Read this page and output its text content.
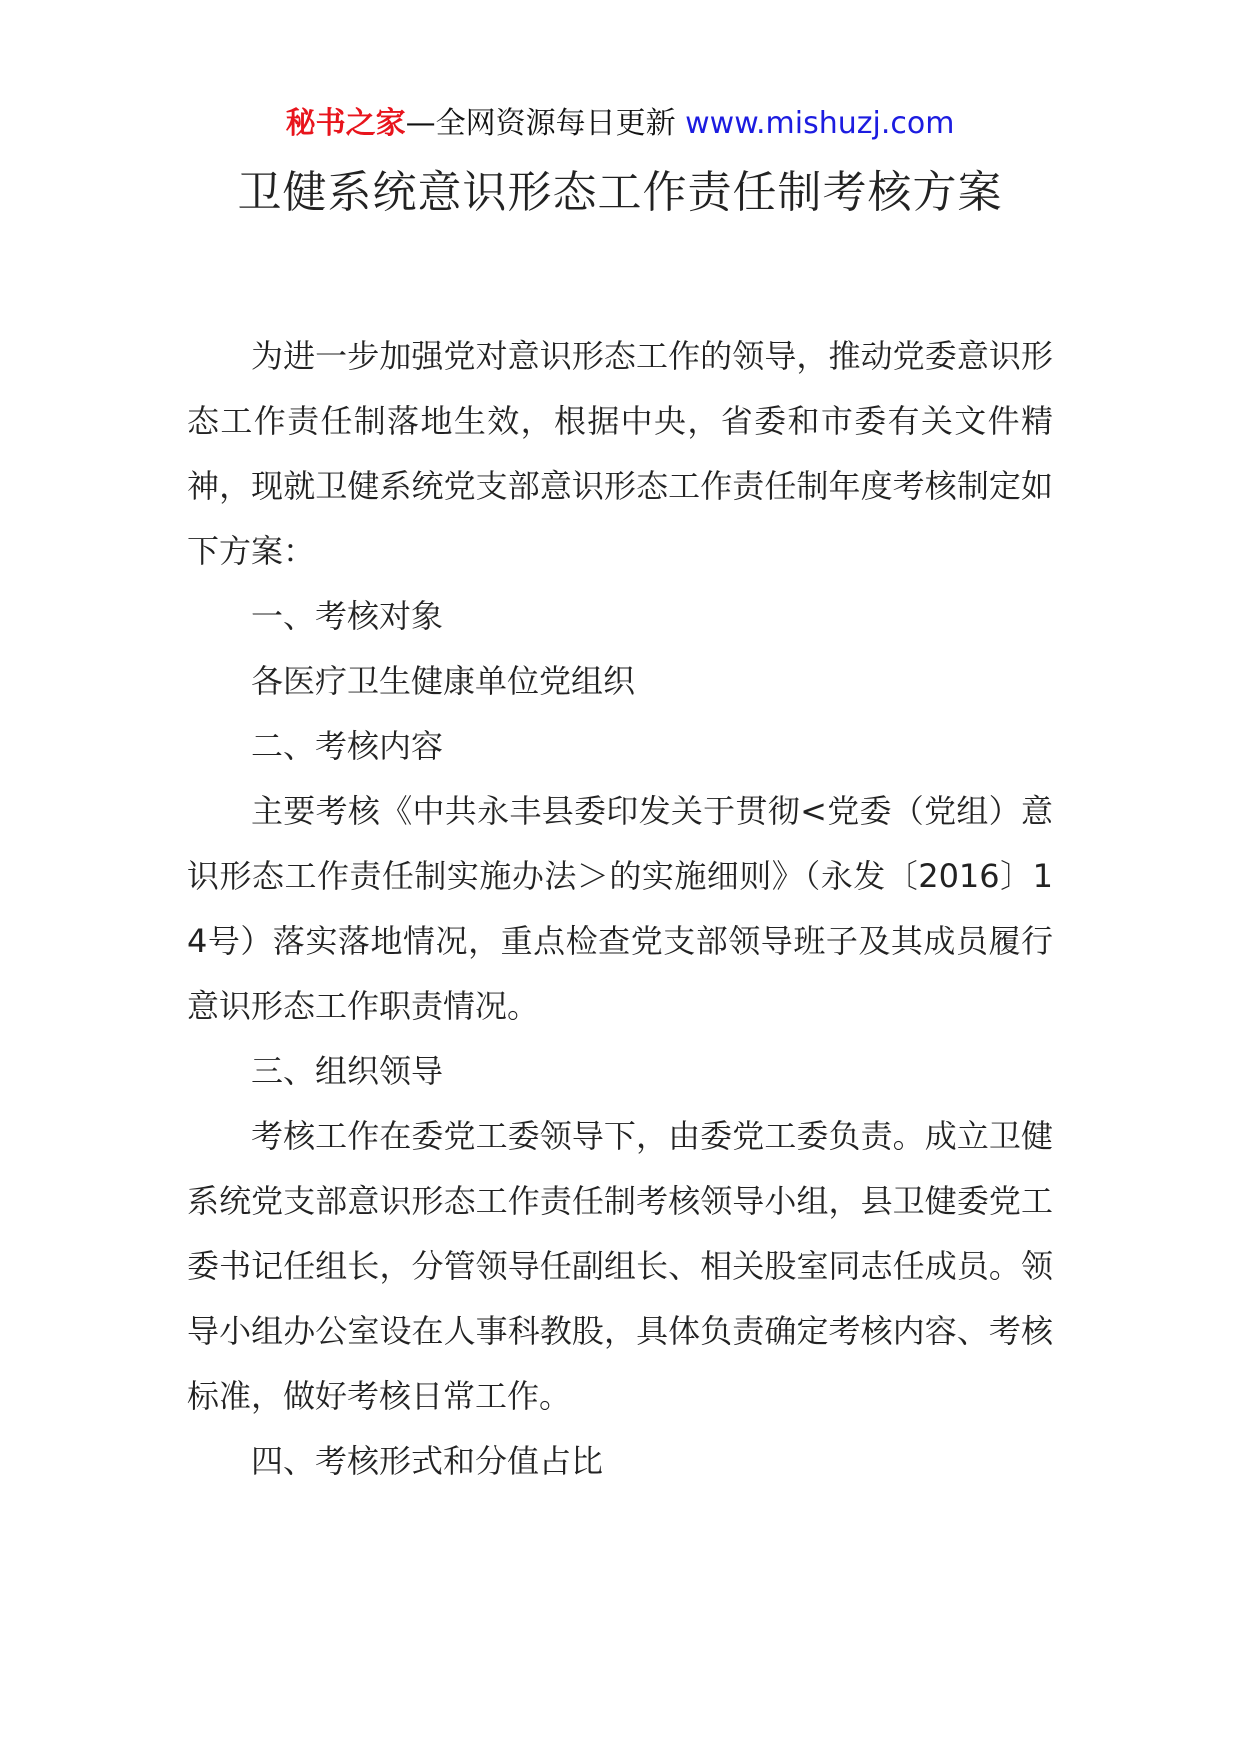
秘书之家—全网资源每日更新 www.mishuzj.com
卫健系统意识形态工作责任制考核方案

为进一步加强党对意识形态工作的领导，推动党委意识形态工作责任制落地生效，根据中央，省委和市委有关文件精神，现就卫健系统党支部意识形态工作责任制年度考核制定如下方案：

一、考核对象

各医疗卫生健康单位党组织

二、考核内容

主要考核《中共永丰县委印发关于贯彻<党委（党组）意识形态工作责任制实施办法＞的实施细则》（永发〔2016〕14号）落实落地情况，重点检查党支部领导班子及其成员履行意识形态工作职责情况。

三、组织领导

考核工作在委党工委领导下，由委党工委负责。成立卫健系统党支部意识形态工作责任制考核领导小组，县卫健委党工委书记任组长，分管领导任副组长、相关股室同志任成员。领导小组办公室设在人事科教股，具体负责确定考核内容、考核标准，做好考核日常工作。

四、考核形式和分值占比
